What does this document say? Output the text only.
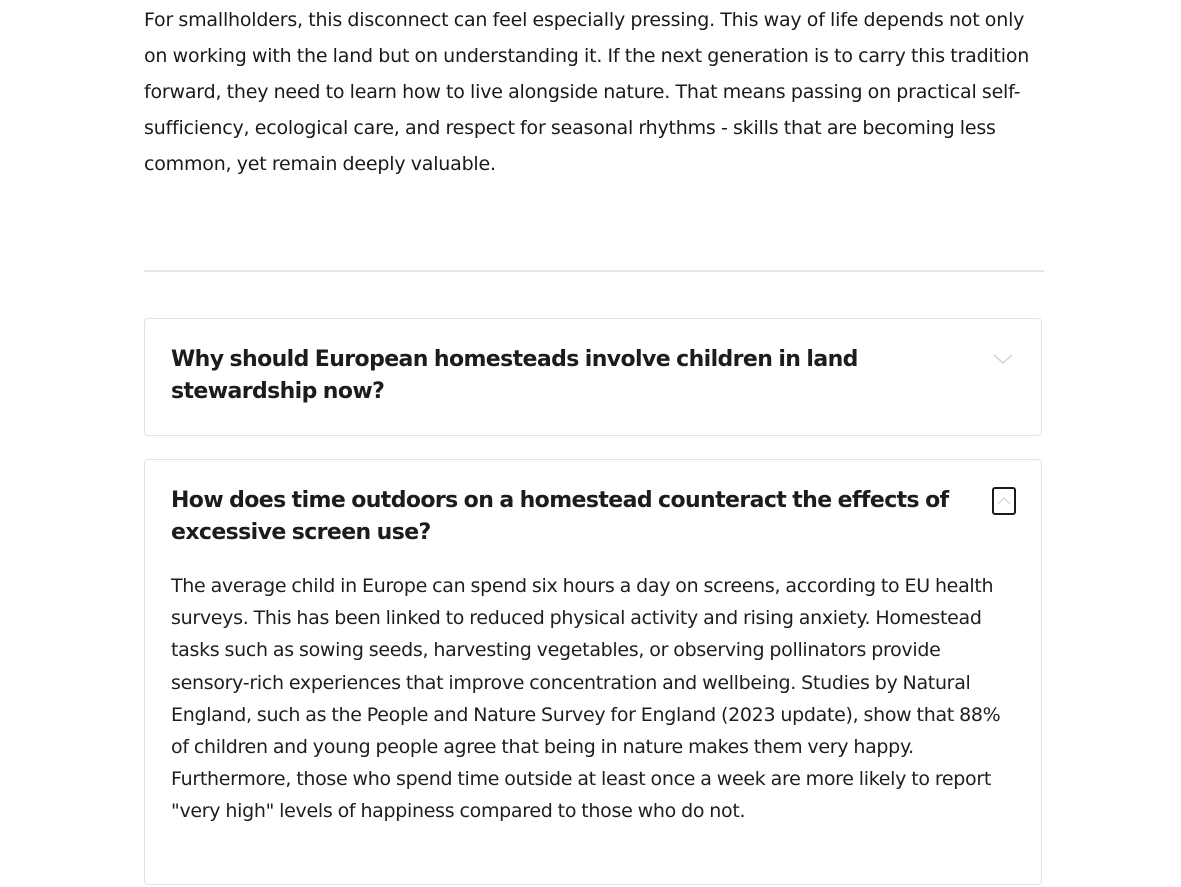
For smallholders, this disconnect can feel especially pressing. This way of life depends not only on working with the land but on understanding it. If the next generation is to carry this tradition forward, they need to learn how to live alongside nature. That means passing on practical self-sufficiency, ecological care, and respect for seasonal rhythms - skills that are becoming less common, yet remain deeply valuable.

Why should European homesteads involve children in land stewardship now?
How does time outdoors on a homestead counteract the effects of excessive screen use?

The average child in Europe can spend six hours a day on screens, according to EU health surveys. This has been linked to reduced physical activity and rising anxiety. Homestead tasks such as sowing seeds, harvesting vegetables, or observing pollinators provide sensory-rich experiences that improve concentration and wellbeing. Studies by Natural England, such as the People and Nature Survey for England (2023 update), show that 88% of children and young people agree that being in nature makes them very happy. Furthermore, those who spend time outside at least once a week are more likely to report "very high" levels of happiness compared to those who do not.
